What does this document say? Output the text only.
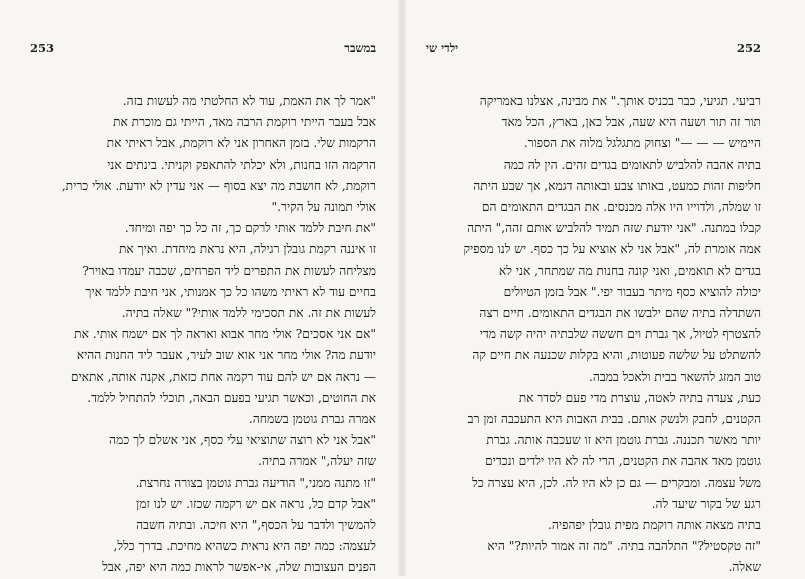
253	במשבר
"אמר לך את האמת, עוד לא החלטתי מה לעשות בזה.
אבל בעבר הייתי רוקמת הרבה מאד, הייתי גם מוכרת את
הרקמות שלי. בזמן האחרון אני לא רוקמת, אבל ראיתי את
הרקמה הזו בחנות, ולא יכלתי להתאפק וקניתי. בינתים אני
רוקמת, לא חושבת מה יצא בסוף — אני עדין לא יודעת. אולי כרית,
אולי תמונה על הקיר."
"את חיבת ללמד אותי לרקם כך, זה כל כך יפה ומיחד.
זו איננה רקמת גובלן רגילה, היא נראת מיחדת. ואיך את
מצליחה לעשות את התפרים ליד הפרחים, שכבה יעמדו באויר?
בחיים עוד לא ראיתי משהו כל כך אמנותי, אני חיבת ללמד איך
לעשות את זה. את תסכימי ללמד אותי?" שאלה בתיה.
"אם אני אסכים? אולי מחר אבוא ואראה לך אם ישמח אותי. את
יודעת מה? אולי מחר אני אוא שוב לעיר, אעבר ליד החנות ההיא
— נראה אם יש להם עוד רקמה אחת כזאת, אקנה אותה, אתאים
את החוטים, וכאשר תגיעי בפעם הבאה, תוכלי להתחיל ללמד.
אמרה גברת גוטמן בשמחה.
"אבל אני לא רוצה שתוציאי עלי כסף, אני אשלם לך כמה
שזה יעלה," אמרה בתיה.
"זו מתנה ממני," הודיעה גברת גוטמן בצורה נחרצת.
"אבל קדם כל, נראה אם יש רקמה שכזו. יש לנו זמן
להמשיך ולדבר על הכסף," היא חיכה. ובתיה חשבה
לעצמה: כמה יפה היא נראית כשהיא מחיכת. בדרך כלל,
הפנים העצובות שלה, אי-אפשר לראות כמה היא יפה, אבל
252
ילדי שי
רביעי. תגיעי, כבר בכניס אותך." את מבינה, אצלנו באמריקה
תור זה תור ושעה היא שעה, אבל כאן, בארץ, הכל מאד
היימיש — — —" וצחוק מתגלגל מלוה את הספור.
בתיה אהבה להלביש לתאומים בגדים זהים. הין לה כמה
חליפות זהות כמעט, באותו צבע ובאותה דגמא, אך שבע היתה
זו שמלה, ולדוייו היו אלה מכנסים. את הבגדים התאומים הם
קבלו במתנה. "אני יודעת שזה תמיד להלביש אותם זהה," היתה
אמה אומרת לה, "אבל אני לא אוציא על כך כסף. יש לנו מספיק
בגדים לא תואמים, ואני קונה בחנות מה שמתחר, אני לא
יכולה להוציא כסף מיתר בעבור יפי." אבל בזמן הטיולים
השתדלה בתיה שהם ילבשו את הבגדים התאומים. חיים רצה
להצטרף לטיול, אך גברת וים חששה שלבתיה יהיה קשה מדי
להשתלט על שלשה פעוטות, והיא בקלות שכנעה את חיים קה
טוב המזג להשאר בבית ולאכל במבה.
כעת, צעדה בתיה לאטה, עוצרת מדי פעם לסדר את
הקטנים, לחבק ולנשק אותם. בבית האבות היא התעכבה זמן רב
יותר מאשר תכננה. גברת גוטמן היא זו שעכבה אותה. גברת
גוטמן מאד אהבה את הקטנים, הרי לה לא היו ילדים ונכדים
משל עצמה. ומבקרים — גם כן לא היו לה. לכן, היא עצרה כל
רגע של בקור שיעד לה.
בתיה מצאה אותה רוקמת מפית גובלן יפהפיה.
"זה טקסטיל?" התלהבה בתיה. "מה זה אמור להיות?" היא
שאלה.
